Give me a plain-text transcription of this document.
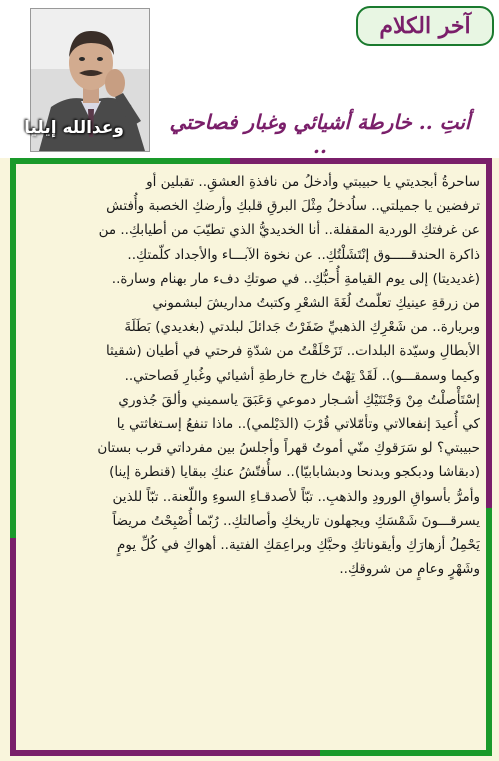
آخر الكلام
وعدالله إيليا	أنتِ .. خارطة أشيائي وغبار فصاحتي ..

ساحرةُ أبجديتي يا حبيبتي وأدخلُ من نافذةِ العشقِ.. تقبلين أو

ترفضين يا جميلتي.. ساُدخلُ مِثْلَ البرقِ قلبكِ وأرضكِ الخصبة وأُفتش

عن غرفتكِ الوردية المقفلة.. أنا الخديديُّ الذي تطيّبَ من أطيابكِ.. من

ذاكرة الحندقـــــوق إنْتَشَلْتُكِ.. عن نخوة الآبـــاء والأجداد كلّمتكِ..

(غديديتا) إلى يوم القيامةِ أُحبُّكِ.. في صوتكِ دفء مار بهنام وسارة..

من زرقةِ عينيكِ تعلّمتُ لُغَةَ الشعْرِ وكتبتُ مداريشَ لبشموني

وبريارة.. من شَعْرِكِ الذهبيِّ ضَفَرْتُ جَدائلَ لبلدتي (بغديدي) بَطَلَةَ

الأبطالِ وسيّدة البلدات.. تَزَحْلَقْتُ من شدّةِ فرحتي في أطيان (شقيثا

وكيما وسمقـــو).. لَقَدْ تِهْتُ خارج خارطةِ أشيائي وغُبارِ فَصاحتي..

إسْتَأْصلْتُ مِنْ وَجْنَتَيْكِ أشـجار دموعي وَعَبَقَ ياسميني وألقَ جُذوري

كي أُعيدَ إنفعالاتي وتأمّلاتي قُرْبَ (الدَيْلمي).. ماذا تنفعُ إسـتغاثتي يا

حبيبتي؟ لو سَرَقوكِ منّي أموتُ قهراً وأجلسُ بين مفرداتي قرب بستان

(دبقاشا ودبكجو وبدنحا ودبشابابيّا).. سأُفتّشُ عنكِ ببقايا (قنطرة إينا)

وأمرُّ بأسواقِ الورودِ والذهبِ.. تبّاً لأصدقـاءِ السوءِ واللّعنة.. تبّاً للذين

يسرقـــونَ شَمْسَكِ ويجهلون تاريخكِ وأصالتكِ.. رُبّما أُصْبِحْتُ مريضاً

يَحْمِلُ أزهارَكِ وأيقوناتكِ وحبَّكِ وبراعِمَكِ الفتية.. أهواكِ في كُلِّ يومٍ

وشَهْرٍ وعامٍ من شروقكِ..
